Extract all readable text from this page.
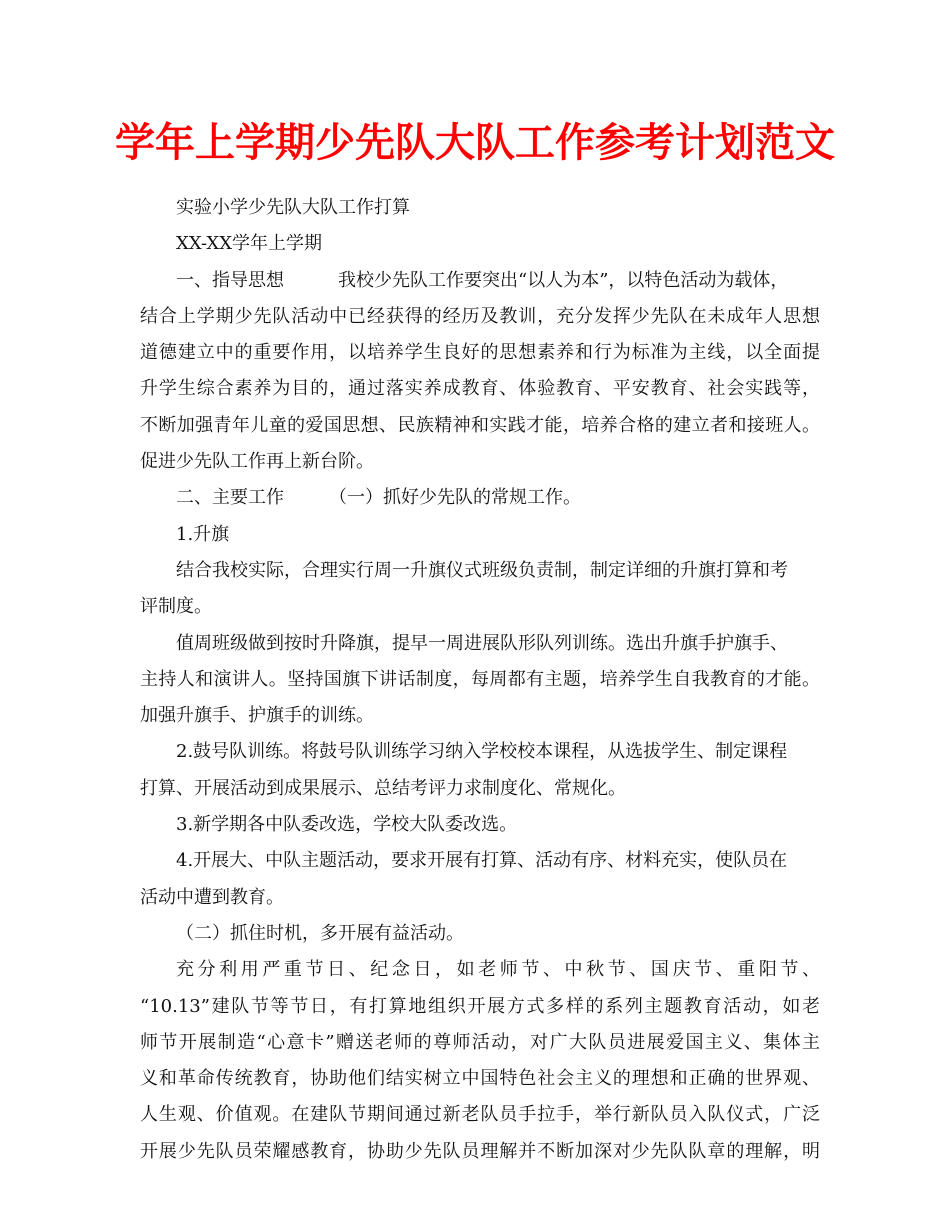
学年上学期少先队大队工作参考计划范文
实验小学少先队大队工作打算
XX-XX学年上学期
一、指导思想　　　我校少先队工作要突出“以人为本”，以特色活动为载体，
结合上学期少先队活动中已经获得的经历及教训，充分发挥少先队在未成年人思想
道德建立中的重要作用，以培养学生良好的思想素养和行为标准为主线，以全面提
升学生综合素养为目的，通过落实养成教育、体验教育、平安教育、社会实践等，
不断加强青年儿童的爱国思想、民族精神和实践才能，培养合格的建立者和接班人。
促进少先队工作再上新台阶。
二、主要工作　　　（一）抓好少先队的常规工作。
1.升旗
结合我校实际，合理实行周一升旗仪式班级负责制，制定详细的升旗打算和考
评制度。
值周班级做到按时升降旗，提早一周进展队形队列训练。选出升旗手护旗手、
主持人和演讲人。坚持国旗下讲话制度，每周都有主题，培养学生自我教育的才能。
加强升旗手、护旗手的训练。
2.鼓号队训练。将鼓号队训练学习纳入学校校本课程，从选拔学生、制定课程
打算、开展活动到成果展示、总结考评力求制度化、常规化。
3.新学期各中队委改选，学校大队委改选。
4.开展大、中队主题活动，要求开展有打算、活动有序、材料充实，使队员在
活动中遭到教育。
（二）抓住时机，多开展有益活动。
充分利用严重节日、纪念日，如老师节、中秋节、国庆节、重阳节、
“10.13”建队节等节日，有打算地组织开展方式多样的系列主题教育活动，如老
师节开展制造“心意卡”赠送老师的尊师活动，对广大队员进展爱国主义、集体主
义和革命传统教育，协助他们结实树立中国特色社会主义的理想和正确的世界观、
人生观、价值观。在建队节期间通过新老队员手拉手，举行新队员入队仪式，广泛
开展少先队员荣耀感教育，协助少先队员理解并不断加深对少先队队章的理解，明
